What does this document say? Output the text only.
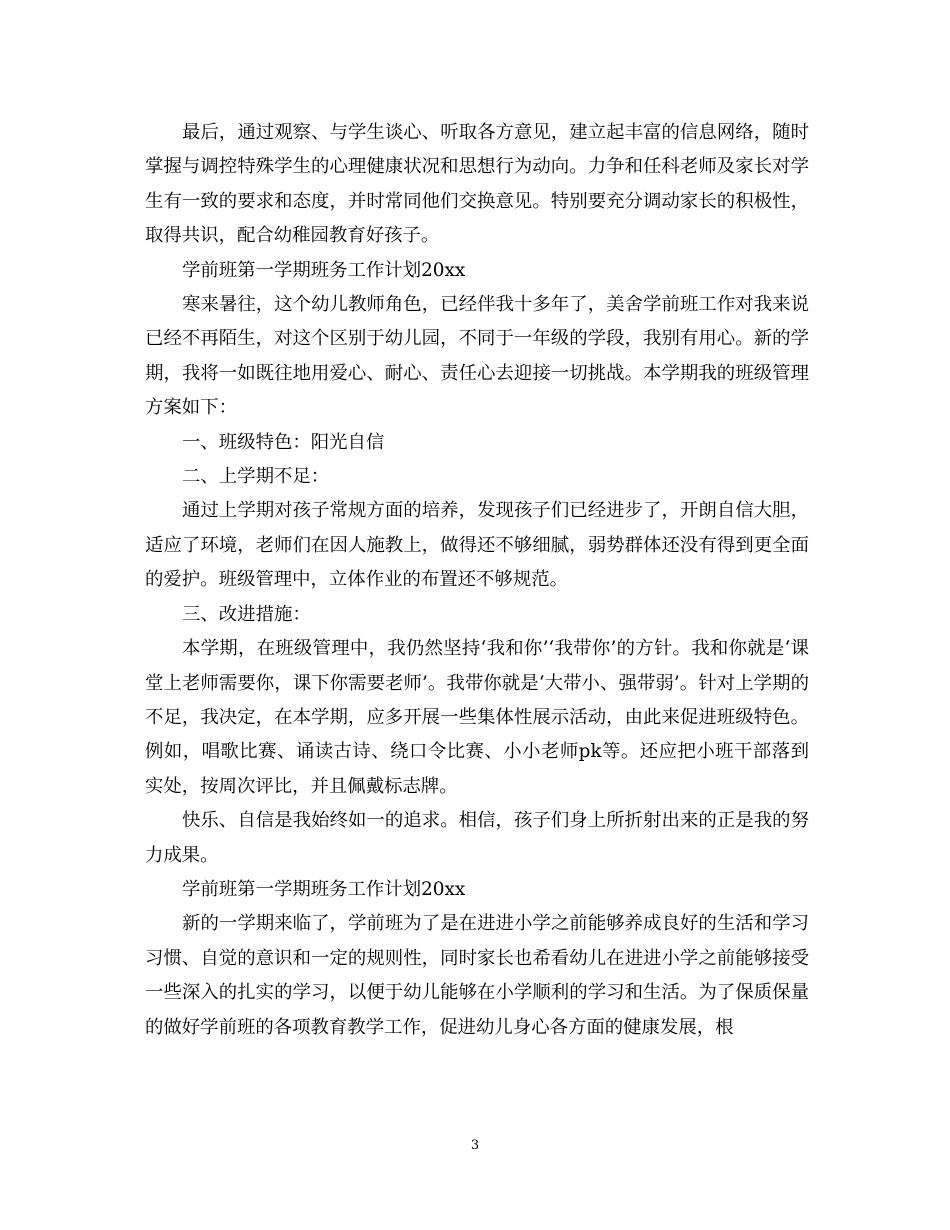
最后，通过观察、与学生谈心、听取各方意见，建立起丰富的信息网络，随时掌握与调控特殊学生的心理健康状况和思想行为动向。力争和任科老师及家长对学生有一致的要求和态度，并时常同他们交换意见。特别要充分调动家长的积极性，取得共识，配合幼稚园教育好孩子。

学前班第一学期班务工作计划20xx

寒来暑往，这个幼儿教师角色，已经伴我十多年了，美舍学前班工作对我来说已经不再陌生，对这个区别于幼儿园，不同于一年级的学段，我别有用心。新的学期，我将一如既往地用爱心、耐心、责任心去迎接一切挑战。本学期我的班级管理方案如下：

一、班级特色：阳光自信

二、上学期不足：

通过上学期对孩子常规方面的培养，发现孩子们已经进步了，开朗自信大胆，适应了环境，老师们在因人施教上，做得还不够细腻，弱势群体还没有得到更全面的爱护。班级管理中，立体作业的布置还不够规范。

三、改进措施：

本学期，在班级管理中，我仍然坚持‘我和你’‘我带你’的方针。我和你就是‘课堂上老师需要你，课下你需要老师’。我带你就是‘大带小、强带弱’。针对上学期的不足，我决定，在本学期，应多开展一些集体性展示活动，由此来促进班级特色。例如，唱歌比赛、诵读古诗、绕口令比赛、小小老师pk等。还应把小班干部落到实处，按周次评比，并且佩戴标志牌。

快乐、自信是我始终如一的追求。相信，孩子们身上所折射出来的正是我的努力成果。

学前班第一学期班务工作计划20xx

新的一学期来临了，学前班为了是在进进小学之前能够养成良好的生活和学习习惯、自觉的意识和一定的规则性，同时家长也希看幼儿在进进小学之前能够接受一些深入的扎实的学习，以便于幼儿能够在小学顺利的学习和生活。为了保质保量的做好学前班的各项教育教学工作，促进幼儿身心各方面的健康发展，根

3
